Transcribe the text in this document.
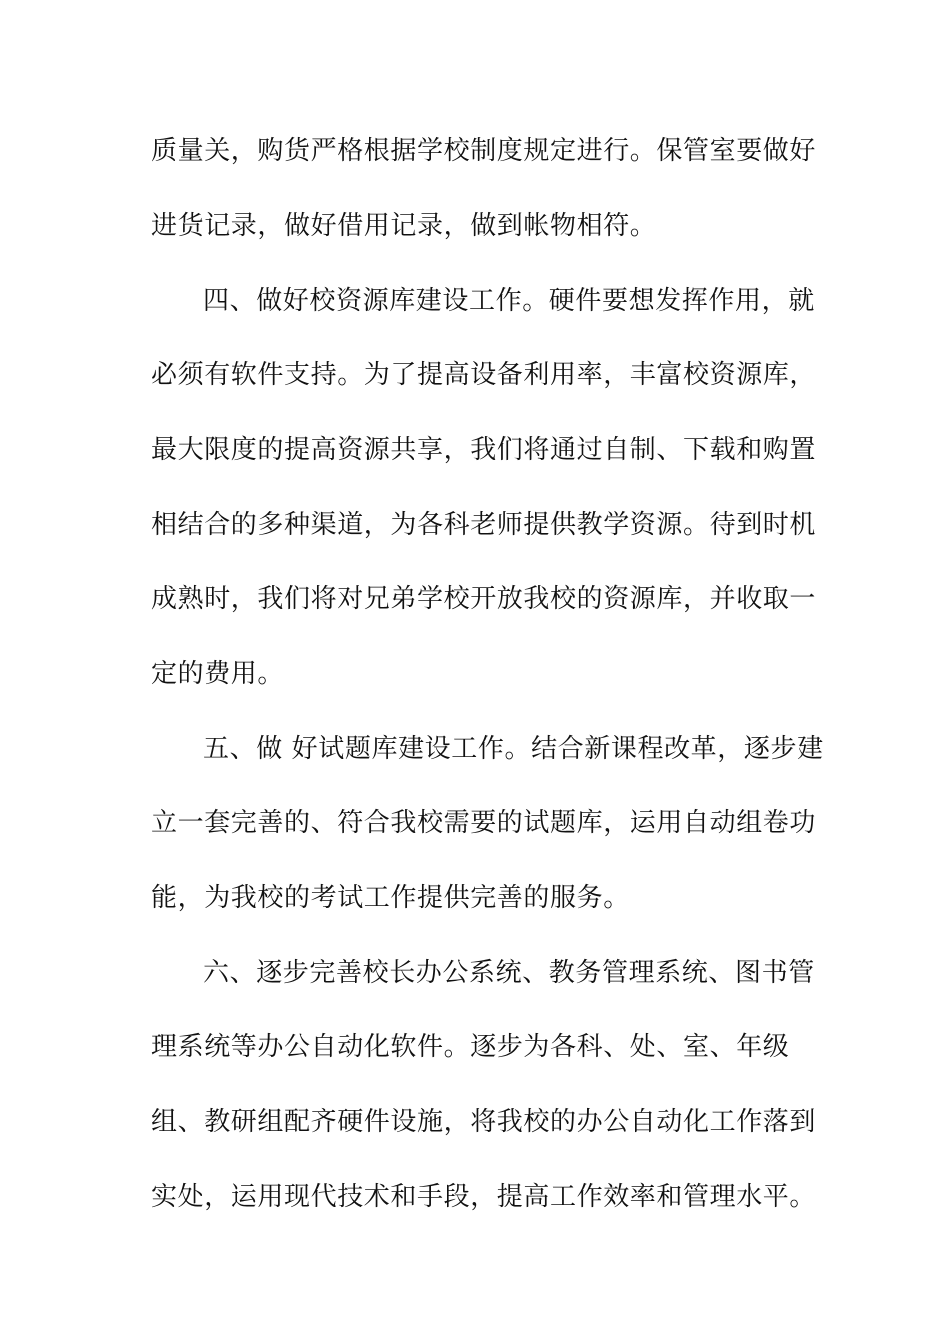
质量关，购货严格根据学校制度规定进行。保管室要做好
进货记录，做好借用记录，做到帐物相符。
四、做好校资源库建设工作。硬件要想发挥作用，就
必须有软件支持。为了提高设备利用率，丰富校资源库，
最大限度的提高资源共享，我们将通过自制、下载和购置
相结合的多种渠道，为各科老师提供教学资源。待到时机
成熟时，我们将对兄弟学校开放我校的资源库，并收取一
定的费用。
五、做 好试题库建设工作。结合新课程改革，逐步建
立一套完善的、符合我校需要的试题库，运用自动组卷功
能，为我校的考试工作提供完善的服务。
六、逐步完善校长办公系统、教务管理系统、图书管
理系统等办公自动化软件。逐步为各科、处、室、年级
组、教研组配齐硬件设施，将我校的办公自动化工作落到
实处，运用现代技术和手段，提高工作效率和管理水平。
